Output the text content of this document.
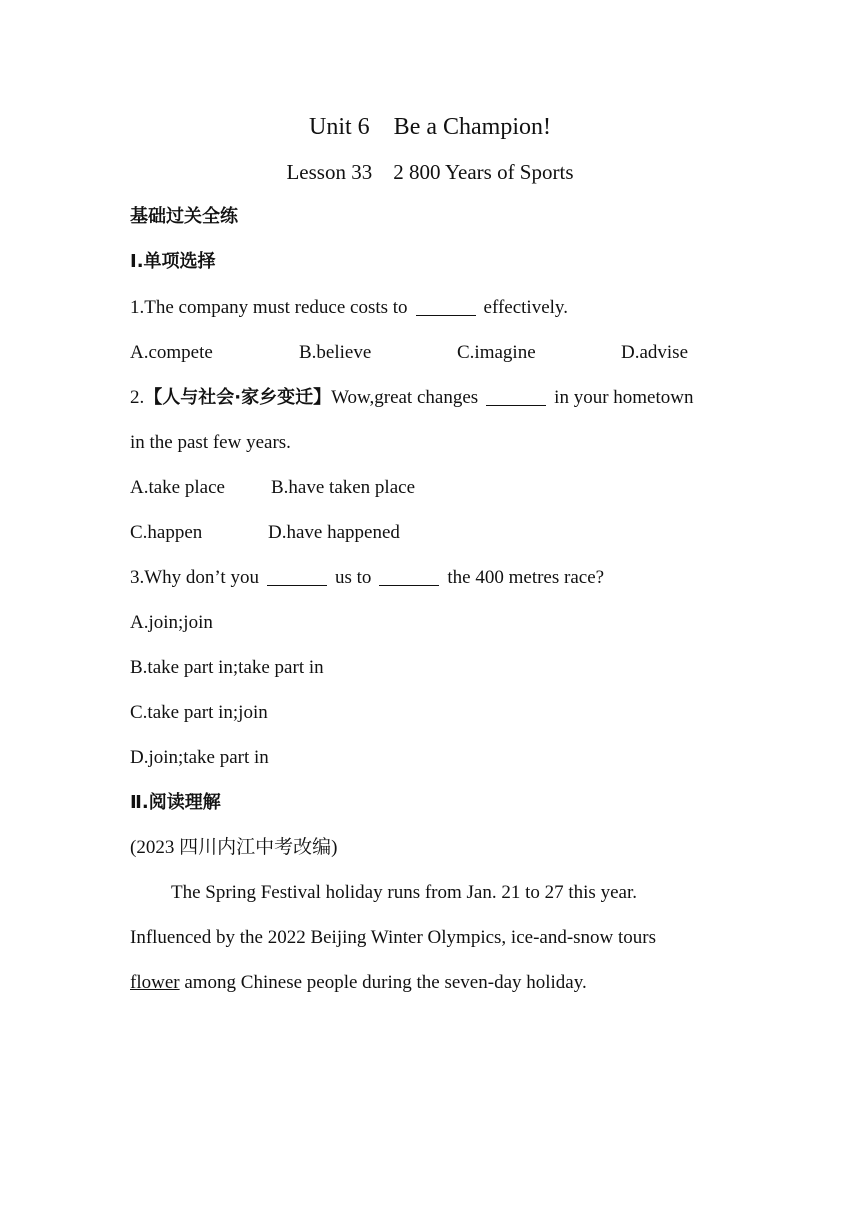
Unit 6    Be a Champion!
Lesson 33    2 800 Years of Sports
基础过关全练
Ⅰ.单项选择
1.The company must reduce costs to	effectively.
A.compete	B.believe	C.imagine	D.advise
2.【人与社会·家乡变迁】Wow,great changes	in your hometown
in the past few years.
A.take place B.have taken place
C.happen	D.have happened
3.Why don’t you	us to	the 400 metres race?
A.join;join
B.take part in;take part in
C.take part in;join
D.join;take part in
Ⅱ.阅读理解
(2023 四川内江中考改编)
The Spring Festival holiday runs from Jan. 21 to 27 this year.
Influenced by the 2022 Beijing Winter Olympics, ice-and-snow tours
flower among Chinese people during the seven-day holiday.
